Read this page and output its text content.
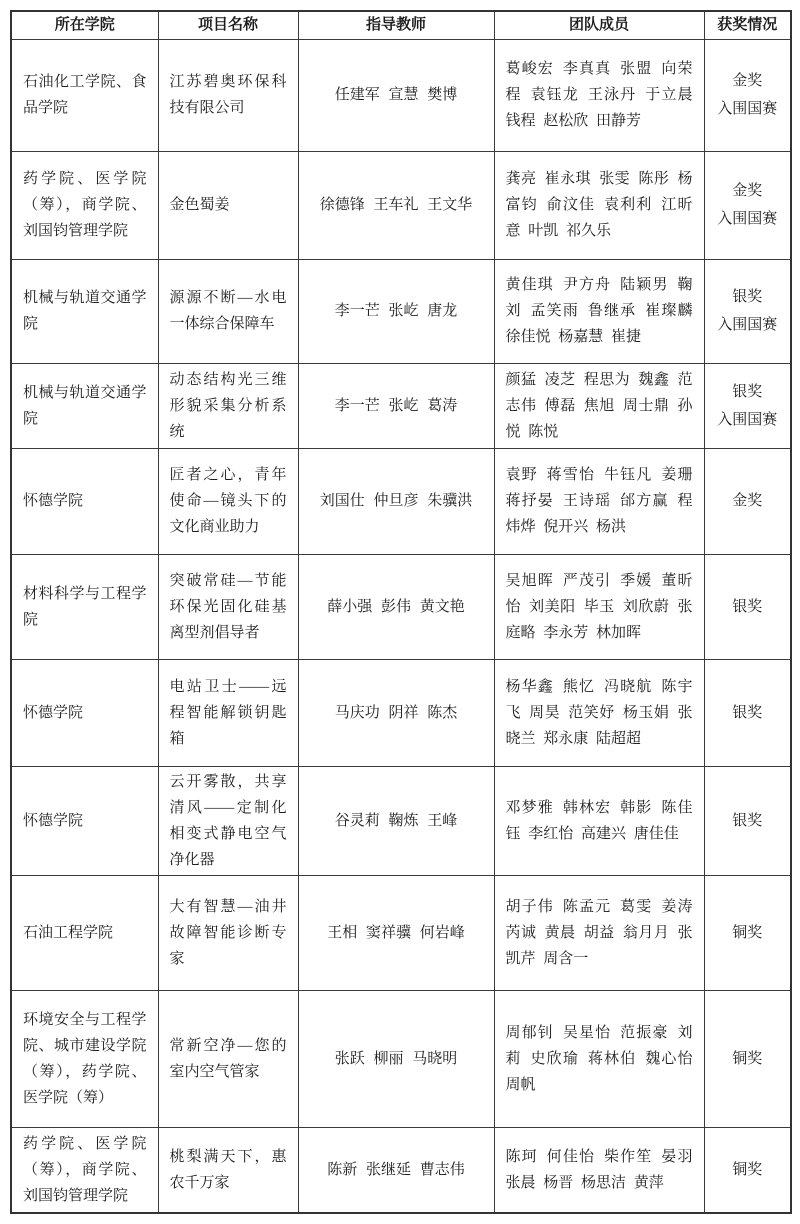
所在学院	项目名称	指导教师	团队成员	获奖情况
石油化工学院、食品学院	江苏碧奥环保科技有限公司	任建军 宣慧 樊博	葛峻宏 李真真 张盟 向荣程 袁钰龙 王泳丹 于立晨 钱程 赵松欣 田静芳	金奖
入围国赛
药学院、医学院（筹），商学院、刘国钧管理学院	金色蜀姜	徐德锋 王车礼 王文华	龚亮 崔永琪 张雯 陈彤 杨富钧 俞汶佳 袁利利 江昕意 叶凯 祁久乐	金奖
入围国赛
机械与轨道交通学院	源源不断—水电一体综合保障车	李一芒 张屹 唐龙	黄佳琪 尹方舟 陆颖男 鞠刘 孟笑雨 鲁继承 崔璨麟 徐佳悦 杨嘉慧 崔捷	银奖
入围国赛
机械与轨道交通学院	动态结构光三维形貌采集分析系统	李一芒 张屹 葛涛	颜猛 凌芝 程思为 魏鑫 范志伟 傅磊 焦旭 周士鼎 孙悦 陈悦	银奖
入围国赛
怀德学院	匠者之心，青年使命—镜头下的文化商业助力	刘国仕 仲旦彦 朱骥洪	袁野 蒋雪怡 牛钰凡 姜珊 蒋抒晏 王诗瑶 邰方赢 程炜烨 倪开兴 杨洪	金奖
材料科学与工程学院	突破常硅—节能环保光固化硅基离型剂倡导者	薛小强 彭伟 黄文艳	吴旭晖 严茂引 季媛 董昕怡 刘美阳 毕玉 刘欣蔚 张庭略 李永芳 林加晖	银奖
怀德学院	电站卫士——远程智能解锁钥匙箱	马庆功 阴祥 陈杰	杨华鑫 熊忆 冯晓航 陈宇飞 周昊 范笑妤 杨玉娟 张晓兰 郑永康 陆超超	银奖
怀德学院	云开雾散，共享清风——定制化相变式静电空气净化器	谷灵莉 鞠炼 王峰	邓梦雅 韩林宏 韩影 陈佳钰 李红怡 高建兴 唐佳佳	银奖
石油工程学院	大有智慧—油井故障智能诊断专家	王相 窦祥骥 何岩峰	胡子伟 陈孟元 葛雯 姜涛 芮诚 黄晨 胡益 翁月月 张凯芹 周含一	铜奖
环境安全与工程学院、城市建设学院（筹），药学院、医学院（筹）	常新空净—您的室内空气管家	张跃 柳丽 马晓明	周郁钊 吴星怡 范振豪 刘莉 史欣瑜 蒋林伯 魏心怡 周帆	铜奖
药学院、医学院（筹），商学院、刘国钧管理学院	桃梨满天下，惠农千万家	陈新 张继延 曹志伟	陈珂 何佳怡 柴作笙 晏羽张晨 杨晋 杨思洁 黄萍	铜奖
